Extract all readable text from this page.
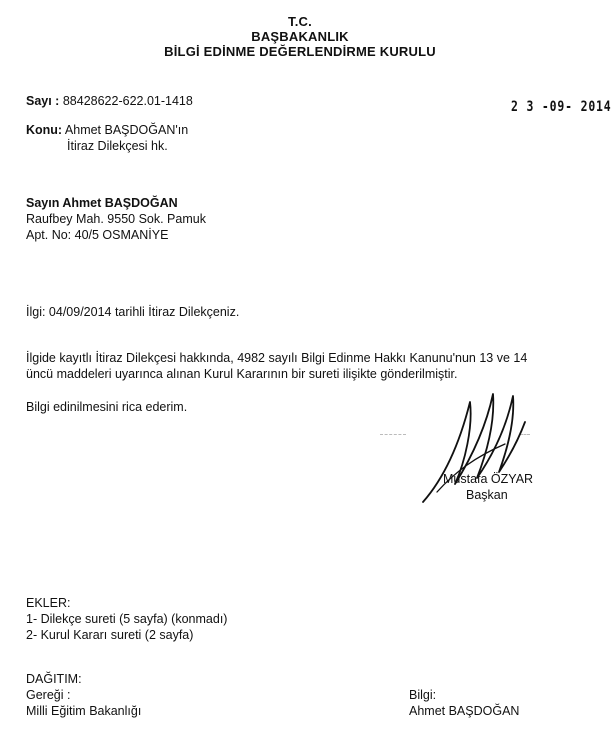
T.C.
BAŞBAKANLIK
BİLGİ EDİNME DEĞERLENDİRME KURULU
Sayı : 88428622-622.01-1418	2 3 -09- 2014
Konu: Ahmet BAŞDOĞAN'ın
İtiraz Dilekçesi hk.
Sayın Ahmet BAŞDOĞAN
Raufbey Mah. 9550 Sok. Pamuk
Apt. No: 40/5 OSMANİYE
İlgi: 04/09/2014 tarihli İtiraz Dilekçeniz.
İlgide kayıtlı İtiraz Dilekçesi hakkında, 4982 sayılı Bilgi Edinme Hakkı Kanunu'nun 13 ve 14
üncü maddeleri uyarınca alınan Kurul Kararının bir sureti ilişikte gönderilmiştir.
Bilgi edinilmesini rica ederim.
Mustafa ÖZYAR
Başkan
EKLER:
1- Dilekçe sureti (5 sayfa) (konmadı)
2- Kurul Kararı sureti (2 sayfa)
DAĞITIM:
Gereği :
Milli Eğitim Bakanlığı
Bilgi:
Ahmet BAŞDOĞAN
